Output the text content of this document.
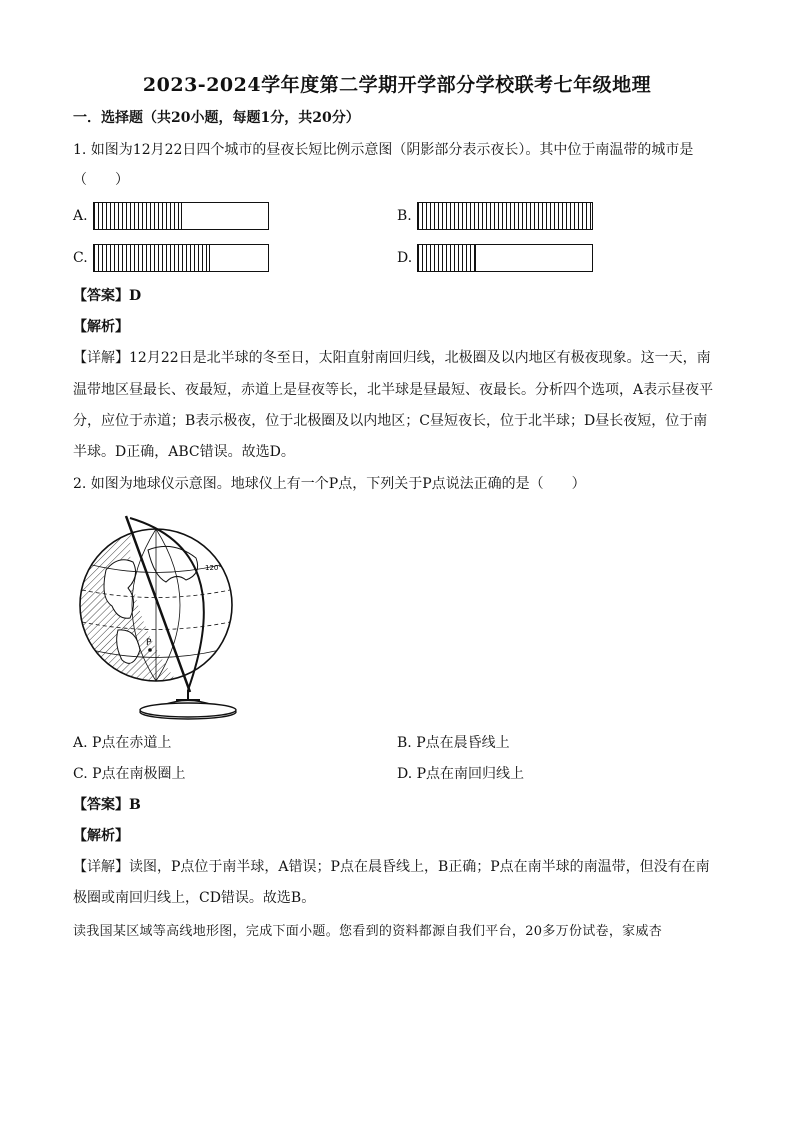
2023-2024学年度第二学期开学部分学校联考七年级地理
一．选择题（共20小题，每题1分，共20分）
1. 如图为12月22日四个城市的昼夜长短比例示意图（阴影部分表示夜长）。其中位于南温带的城市是
（　　）
A.	B.
C.	D.
【答案】D
【解析】
【详解】12月22日是北半球的冬至日，太阳直射南回归线，北极圈及以内地区有极夜现象。这一天，南
温带地区昼最长、夜最短，赤道上是昼夜等长，北半球是昼最短、夜最长。分析四个选项，A表示昼夜平
分，应位于赤道；B表示极夜，位于北极圈及以内地区；C昼短夜长，位于北半球；D昼长夜短，位于南
半球。D正确，ABC错误。故选D。
2. 如图为地球仪示意图。地球仪上有一个P点，下列关于P点说法正确的是（　　）
P
120°
A. P点在赤道上	B. P点在晨昏线上
C. P点在南极圈上	D. P点在南回归线上
【答案】B
【解析】
【详解】读图，P点位于南半球，A错误；P点在晨昏线上，B正确；P点在南半球的南温带，但没有在南
极圈或南回归线上，CD错误。故选B。
读我国某区域等高线地形图，完成下面小题。您看到的资料都源自我们平台，20多万份试卷，家威杏
